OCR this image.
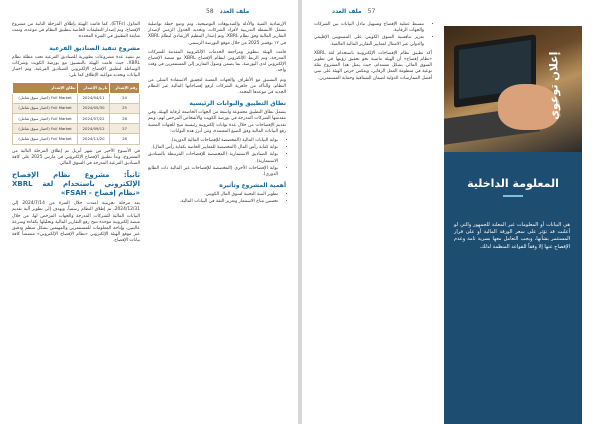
ملف العدد
58

الإرشادية الفنية والأدلة والفيديوهات التوضيحية، وتم وضع خطة تواصلية تشمل الأنشطة التدريبية لأفراد الشركات، وتحديد الجدول الزمني لإصدار التقارير المالية وفق نظام XBRL، وتم إصدار التنظيم الإرشادي لنظام XBRL في ١٢ نوفمبر 2025 من خلال موقع البورصة الرسمي.

قامت الهيئة بتطوير ومراجعة الخدمات الإلكترونية المقدمة للشركات المدرجة، وتم الربط الإلكتروني لنظام الإفصاح XBRL مع منصة الإفصاح الإلكتروني لدى البورصة، بما يضمن وصول التقارير إلى المستثمرين في وقت واحد.

وتم التنسيق مع الأطراف والجهات المعنية لتحقيق الاستفادة المثلى من النظام، والتأكد من جاهزية الشركات لرفع إفصاحاتها المالية عبر النظام الجديد في موعدها المحدد.

نطاق التطبيق والبوابات الرئيسية

يشمل نطاق التطبيق مجموعة واسعة من الجهات الخاضعة لرقابة الهيئة، وفي مقدمتها الشركات المدرجة في بورصة الكويت والأشخاص المرخص لهم، ويتم تقديم الإفصاحات من خلال عدة بوابات إلكترونية رئيسية تتيح للجهات المعنية رفع البيانات المالية وفق الصيغ المعتمدة، ومن أبرز هذه البوابات:

• بوابة البيانات المالية (المخصصة للإفصاحات المالية الدورية).
• بوابة كفاية رأس المال (المخصصة للمعايير الخاصة بكفاية رأس المال).
• بوابة الصناديق الاستثمارية (المخصصة للإفصاحات المرتبطة بالصناديق الاستثمارية).
• بوابة الإفصاحات الأخرى (المخصصة للإفصاحات غير المالية ذات الطابع الدوري).
أهمية المشروع وتأثيره
• تطوير البنية التحتية لسوق المال الكويتي.
• تحسين مناخ الاستثمار وتعزيز الثقة في البيانات المالية.

التداول (ETFs)، كما قامت الهيئة بإطلاق المرحلة الثانية من مشروع الإفصاح، وتم إصدار التعليمات الخاصة بتطبيق النظام في موعده، وتمت متابعة التطبيق في الفترة المحددة.

مشروع تنفيذ الصناديق الفرعية

تم تنفيذ عدة مشروعات تطويرية للصناديق الفرعية تحت مظلة نظام XBRL، حيث قامت الهيئة بالتنسيق مع بورصة الكويت وشركات الوساطة لتطبيق الإفصاح الإلكتروني للصناديق الفرعية، وتم اختبار البيانات وتحديد مواعيد الإطلاق كما يلي:

رقم الإصدار	تاريخ الإصدار	نطاق الإصدار
24	2024/04/11	Full Market (اختبار سوق شامل)
25	2024/05/30	Full Market (اختبار سوق شامل)
26	2024/07/22	Full Market (اختبار سوق شامل)
27	2024/09/12	Full Market (اختبار سوق شامل)
28	2024/11/20	Full Market (اختبار سوق شامل)

في الأسبوع الأخير من شهر أبريل تم إطلاق المرحلة التالية من المشروع، وبدأ تطبيق الإفصاح الإلكتروني في مارس 2025 على كافة الصناديق الفرعية المدرجة في السوق المالي.

ثانياً: مشروع نظام الإفصاح الإلكتروني باستخدام لغة XBRL «نظام إفصاح - FSAH»

بعد مرحلة تجريبية امتدت خلال الفترة من 2024/7/14 إلى 2024/12/31، تم إطلاق النظام رسمياً، ويهدف إلى تطوير آلية تقديم البيانات المالية للشركات المدرجة والجهات المرخص لها، من خلال منصة إلكترونية موحدة تتيح رفع التقارير المالية وتحليلها بكفاءة وسرعة عاليتين، وإتاحة المعلومات للمستثمرين والمهتمين بشكل منظم ودقيق عبر موقع الهيئة الإلكتروني «نظام الإفصاح الإلكتروني» متضمناً كافة بيانات الإفصاح.

57
ملف العدد
• تبسيط عملية الإفصاح وتسهيل تبادل البيانات بين الشركات والجهات الرقابية.
• تعزيز تنافسية السوق الكويتي على المستويين الإقليمي والدولي عبر الامتثال لمعايير التقارير المالية العالمية.

أكد تطبيق نظام الإفصاحات الإلكترونية باستخدام لغة XBRL «نظام إفصاح» أن الهيئة ماضية نحو تحقيق رؤيتها في تطوير السوق المالي بشكل مستدام، حيث يمثل هذا المشروع نقلة نوعية في منظومة العمل الرقابي، ويعكس حرص الهيئة على تبني أفضل الممارسات الدولية لضمان الشفافية وحماية المستثمرين.	إعلان توعوي
المعلومة الداخلية
هي البيانات أو المعلومات غير المعلنة للجمهور والتي لو أعلنت قد تؤثر على سعر الورقة المالية أو على قرار المستثمر بشأنها، ويجب التعامل معها بسرية تامة وعدم الإفصاح عنها إلا وفقاً للقواعد المنظمة لذلك.
